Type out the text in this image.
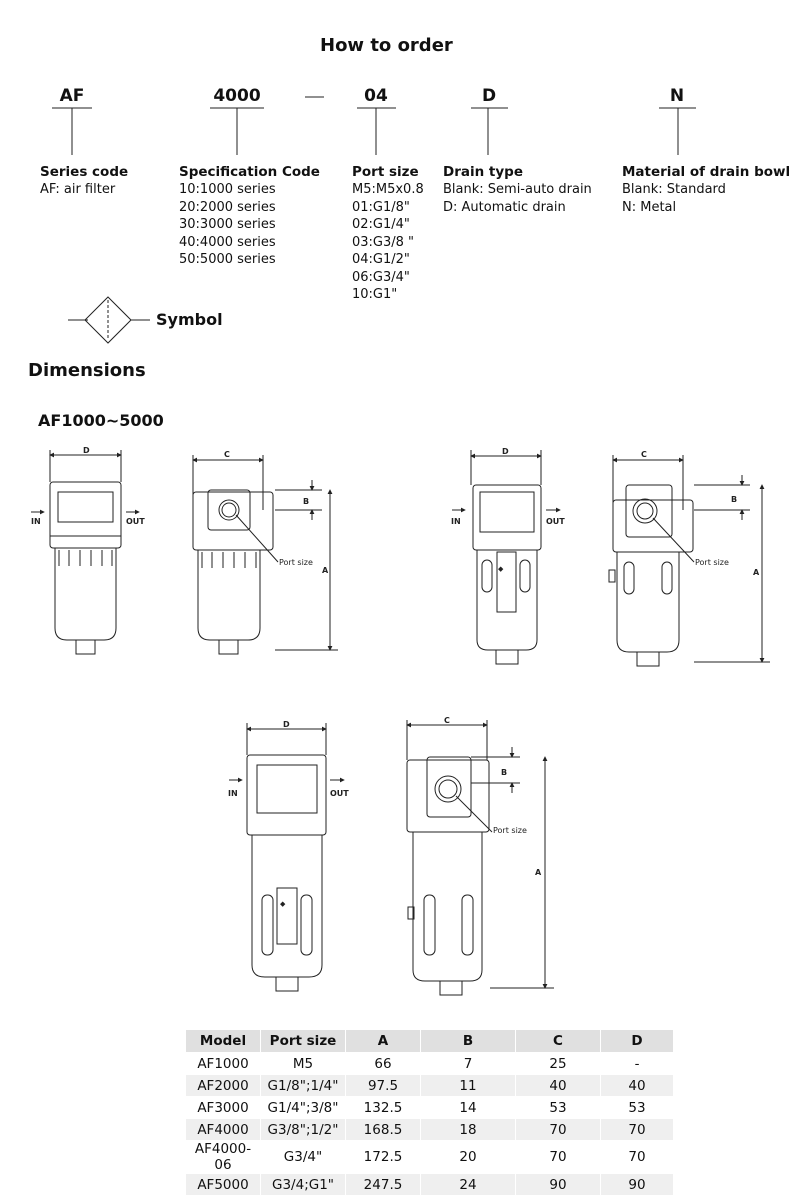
How to order
AF	4000	04	D	N
Series code
AF: air filter
Specification Code
10:1000 series
20:2000 series
30:3000 series
40:4000 series
50:5000 series
Port size
M5:M5x0.8
01:G1/8"
02:G1/4"
03:G3/8 "
04:G1/2"
06:G3/4"
10:G1"
Drain type
Blank: Semi-auto drain
D: Automatic drain
Material of drain bowl
Blank: Standard
N: Metal
Symbol
Dimensions
AF1000~5000
D
IN	OUT
C
Port size
B
A
D
◆
IN	OUT
C
Port size
B
A
D
◆
IN	OUT
C
Port size
B
A
Model	Port size	A	B	C	D
AF1000	M5	66	7	25	-
AF2000	G1/8";1/4"	97.5	11	40	40
AF3000	G1/4";3/8"	132.5	14	53	53
AF4000	G3/8";1/2"	168.5	18	70	70
AF4000-06	G3/4"	172.5	20	70	70
AF5000	G3/4;G1"	247.5	24	90	90
